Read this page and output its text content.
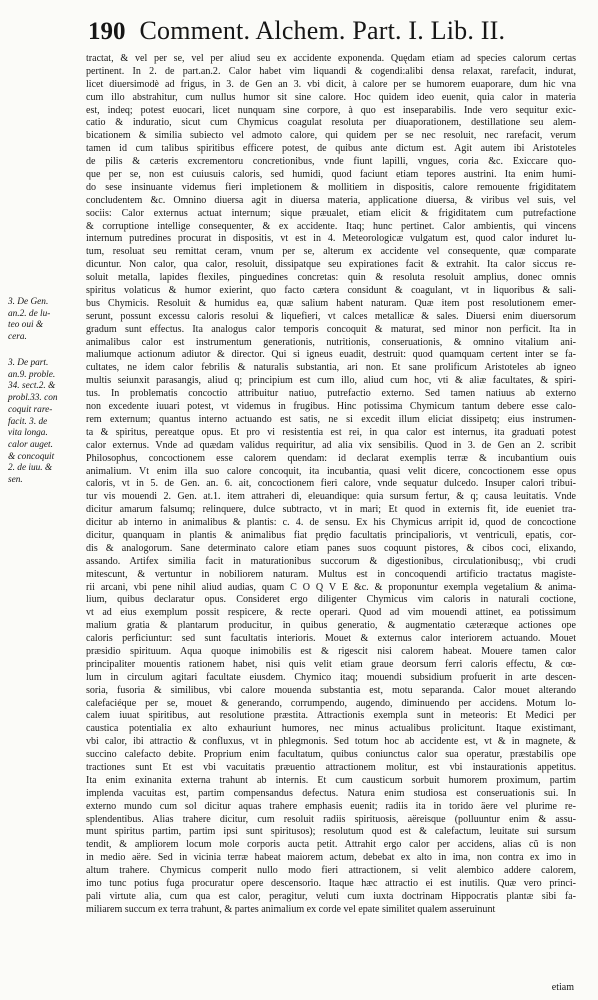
190 Comment. Alchem. Part. I. Lib. II.
3. De Gen.
an.2. de lu-
teo oui &
cera.
3. De part.
an.9. proble.
34. sect.2. &
probl.33. con
coquit rare-
facit. 3. de
vita longa.
calor auget.
& concoquit
2. de iuu. &
sen.
tractat, & vel per se, vel per aliud seu ex accidente exponenda. Quędam etiam ad species calorum certas
pertinent. In 2. de part.an.2. Calor habet vim liquandi & cogendi:alibi densa relaxat, rarefacit, indurat,
licet diuersimodè ad frigus, in 3. de Gen an 3. vbi dicit, à calore per se humorem euaporare, dum hic vna
cum illo abstrahitur, cum nullus humor sit sine calore. Hoc quidem ideo euenit, quia calor in materia
est, indeq; potest euocari, licet nunquam sine corpore, à quo est inseparabilis. Inde vero sequitur exic-
catio & induratio, sicut cum Chymicus coagulat resoluta per diuaporationem, destillatione seu alem-
bicationem & similia subiecto vel admoto calore, qui quidem per se nec resoluit, nec rarefacit, verum
tamen id cum talibus spiritibus efficere potest, de quibus ante dictum est. Agit autem ibi Aristoteles
de pilis & cæteris excrementoru concretionibus, vnde fiunt lapilli, vngues, coria &c. Exiccare quo-
que per se, non est cuiusuis caloris, sed humidi, quod faciunt etiam tepores austrini. Ita enim humi-
do sese insinuante videmus fieri impletionem & mollitiem in dispositis, calore remouente frigiditatem
concludentem &c. Omnino diuersa agit in diuersa materia, applicatione diuersa, & viribus vel suis, vel
sociis: Calor externus actuat internum; sique præualet, etiam elicit & frigiditatem cum putrefactione
& corruptione intellige consequenter, & ex accidente. Itaq; hunc pertinet. Calor ambientis, qui vincens
internum putredines procurat in dispositis, vt est in 4. Meteorologicæ vulgatum est, quod calor induret lu-
tum, resoluat seu remittat ceram, vnum per se, alterum ex accidente vel consequente, quæ comparate
dicuntur. Non calor, qua calor, resoluit, dissipatque seu expirationes facit & extrahit. Ita calor siccus re-
soluit metalla, lapides flexiles, pinguedines concretas: quin & resoluta resoluit amplius, donec omnis
spiritus volaticus & humor exierint, quo facto cætera considunt & coagulant, vt in liquoribus & sali-
bus Chymicis. Resoluit & humidus ea, quæ salium habent naturam. Quæ item post resolutionem emer-
serunt, possunt excessu caloris resolui & liquefieri, vt calces metallicæ & sales. Diuersi enim diuersorum
gradum sunt effectus. Ita analogus calor temporis concoquit & maturat, sed minor non perficit. Ita in
animalibus calor est instrumentum generationis, nutritionis, conseruationis, & omnino vitalium ani-
maliumque actionum adiutor & director. Qui si igneus euadit, destruit: quod quamquam certent inter se fa-
cultates, ne idem calor febrilis & naturalis substantia, ari non. Et sane prolificum Aristoteles ab igneo
multis seiunxit parasangis, aliud q; principium est cum illo, aliud cum hoc, vti & aliæ facultates, & spiri-
tus. In problematis concoctio attribuitur natiuo, putrefactio externo. Sed tamen natiuus ab externo
non excedente iuuari potest, vt videmus in frugibus. Hinc potissima Chymicum tantum debere esse calo-
rem externum; quantus interno actuando est satis, ne si excedit illum eliciat dissipetq; eius instrumen-
ta & spiritus, pereatque opus. Et pro vi resistentia est rei, in qua calor est internus, ita graduati potest
calor externus. Vnde ad quædam validus requiritur, ad alia vix sensibilis. Quod in 3. de Gen an 2. scribit
Philosophus, concoctionem esse calorem quendam: id declarat exemplis terræ & incubantium ouis
animalium. Vt enim illa suo calore concoquit, ita incubantia, quasi velit dicere, concoctionem esse opus
caloris, vt in 5. de Gen. an. 6. ait, concoctionem fieri calore, vnde sequatur dulcedo. Insuper calori tribui-
tur vis mouendi 2. Gen. at.1. item attraheri di, eleuandique: quia sursum fertur, & q; causa leuitatis. Vnde
dicitur amarum falsumq; relinquere, dulce subtracto, vt in mari; Et quod in externis fit, ide eueniet tra-
dicitur ab interno in animalibus & plantis: c. 4. de sensu. Ex his Chymicus arripit id, quod de concoctione
dicitur, quanquam in plantis & animalibus fiat prędio facultatis principalioris, vt ventriculi, epatis, cor-
dis & analogorum. Sane determinato calore etiam panes suos coquunt pistores, & cibos coci, elixando,
assando. Artifex similia facit in maturationibus succorum & digestionibus, circulationibusq;, vbi crudi
mitescunt, & vertuntur in nobiliorem naturam. Multus est in concoquendi artificio tractatus magiste-
rii arcani, vbi pene nihil aliud audias, quam C O Q V E &c. & proponuntur exempla vegetalium & anima-
lium, quibus declaratur opus. Consideret ergo diligenter Chymicus vim caloris in naturali coctione,
vt ad eius exemplum possit respicere, & recte operari. Quod ad vim mouendi attinet, ea potissimum
malium gratia & plantarum producitur, in quibus generatio, & augmentatio cæteræque actiones ope
caloris perficiuntur: sed sunt facultatis interioris. Mouet & externus calor interiorem actuando. Mouet
præsidio spirituum. Aqua quoque inimobilis est & rigescit nisi calorem habeat. Mouere tamen calor
principaliter mouentis rationem habet, nisi quis velit etiam graue deorsum ferri caloris effectu, & cœ-
lum in circulum agitari facultate eiusdem. Chymico itaq; mouendi subsidium profuerit in arte descen-
soria, fusoria & similibus, vbi calore mouenda substantia est, motu separanda. Calor mouet alterando
calefaciéque per se, mouet & generando, corrumpendo, augendo, diminuendo per accidens. Motum lo-
calem iuuat spiritibus, aut resolutione præstita. Attractionis exempla sunt in meteoris: Et Medici per
caustica potentialia ex alto exhauriunt humores, nec minus actualibus prolicitunt. Itaque existimant,
vbi calor, ibi attractio & confluxus, vt in phlegmonis. Sed totum hoc ab accidente est, vt & in magnete, &
succino calefacto debite. Proprium enim facultatum, quibus coniunctus calor sua operatur, præstabilis ope
tractiones sunt Et est vbi vacuitatis præuentio attractionem molitur, est vbi instaurationis appetitus.
Ita enim exinanita externa trahunt ab internis. Et cum causticum sorbuit humorem proximum, partim
implenda vacuitas est, partim compensandus defectus. Natura enim studiosa est conseruationis sui. In
externo mundo cum sol dicitur aquas trahere emphasis euenit; radiis ita in torido äere vel plurime re-
splendentibus. Alias trahere dicitur, cum resoluit radiis spirituosis, aëreisque (polluuntur enim & assu-
munt spiritus partim, partim ipsi sunt spiritusos); resolutum quod est & calefactum, leuitate sui sursum
tendit, & ampliorem locum mole corporis aucta petit. Attrahit ergo calor per accidens, alias cũ is non
in medio aëre. Sed in vicinia terræ habeat maiorem actum, debebat ex alto in ima, non contra ex imo in
altum trahere. Chymicus comperit nullo modo fieri attractionem, si velit alembico addere calorem,
imo tunc potius fuga procuratur opere descensorio. Itaque hæc attractio ei est inutilis. Quæ vero princi-
pali virtute alia, cum qua est calor, peragitur, veluti cum iuxta doctrinam Hippocratis plantæ sibi fa-
miliarem succum ex terra trahunt, & partes animalium ex corde vel epate similitet qualem asseruinunt
etiam
